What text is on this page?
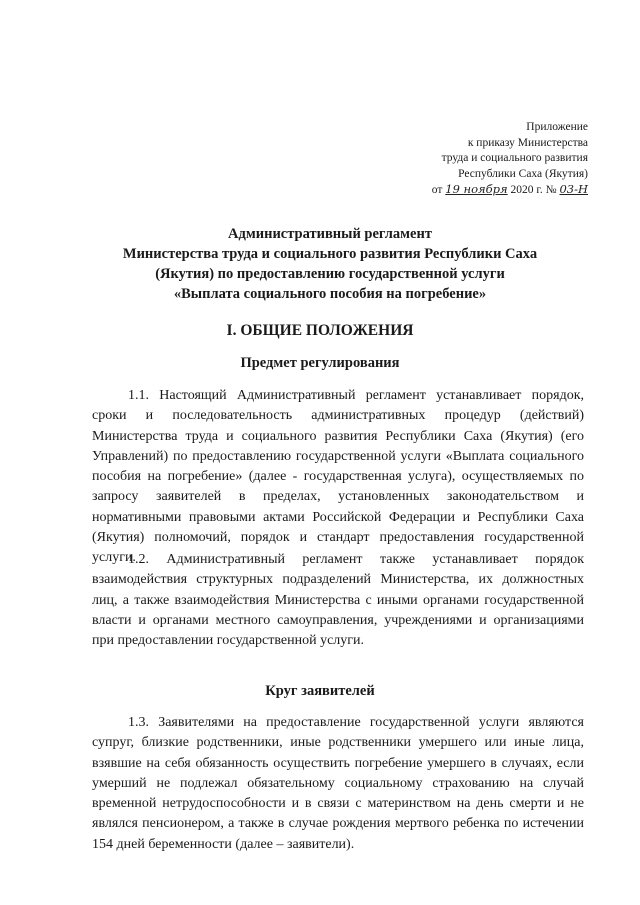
Приложение
к приказу Министерства
труда и социального развития
Республики Саха (Якутия)
от 19 ноября 2020 г. № 03-Н
Административный регламент
Министерства труда и социального развития Республики Саха
(Якутия) по предоставлению государственной услуги
«Выплата социального пособия на погребение»
I. ОБЩИЕ ПОЛОЖЕНИЯ
Предмет регулирования
1.1. Настоящий Административный регламент устанавливает порядок, сроки и последовательность административных процедур (действий) Министерства труда и социального развития Республики Саха (Якутия) (его Управлений) по предоставлению государственной услуги «Выплата социального пособия на погребение» (далее - государственная услуга), осуществляемых по запросу заявителей в пределах, установленных законодательством и нормативными правовыми актами Российской Федерации и Республики Саха (Якутия) полномочий, порядок и стандарт предоставления государственной услуги.
1.2. Административный регламент также устанавливает порядок взаимодействия структурных подразделений Министерства, их должностных лиц, а также взаимодействия Министерства с иными органами государственной власти и органами местного самоуправления, учреждениями и организациями при предоставлении государственной услуги.
Круг заявителей
1.3. Заявителями на предоставление государственной услуги являются супруг, близкие родственники, иные родственники умершего или иные лица, взявшие на себя обязанность осуществить погребение умершего в случаях, если умерший не подлежал обязательному социальному страхованию на случай временной нетрудоспособности и в связи с материнством на день смерти и не являлся пенсионером, а также в случае рождения мертвого ребенка по истечении 154 дней беременности (далее – заявители).
